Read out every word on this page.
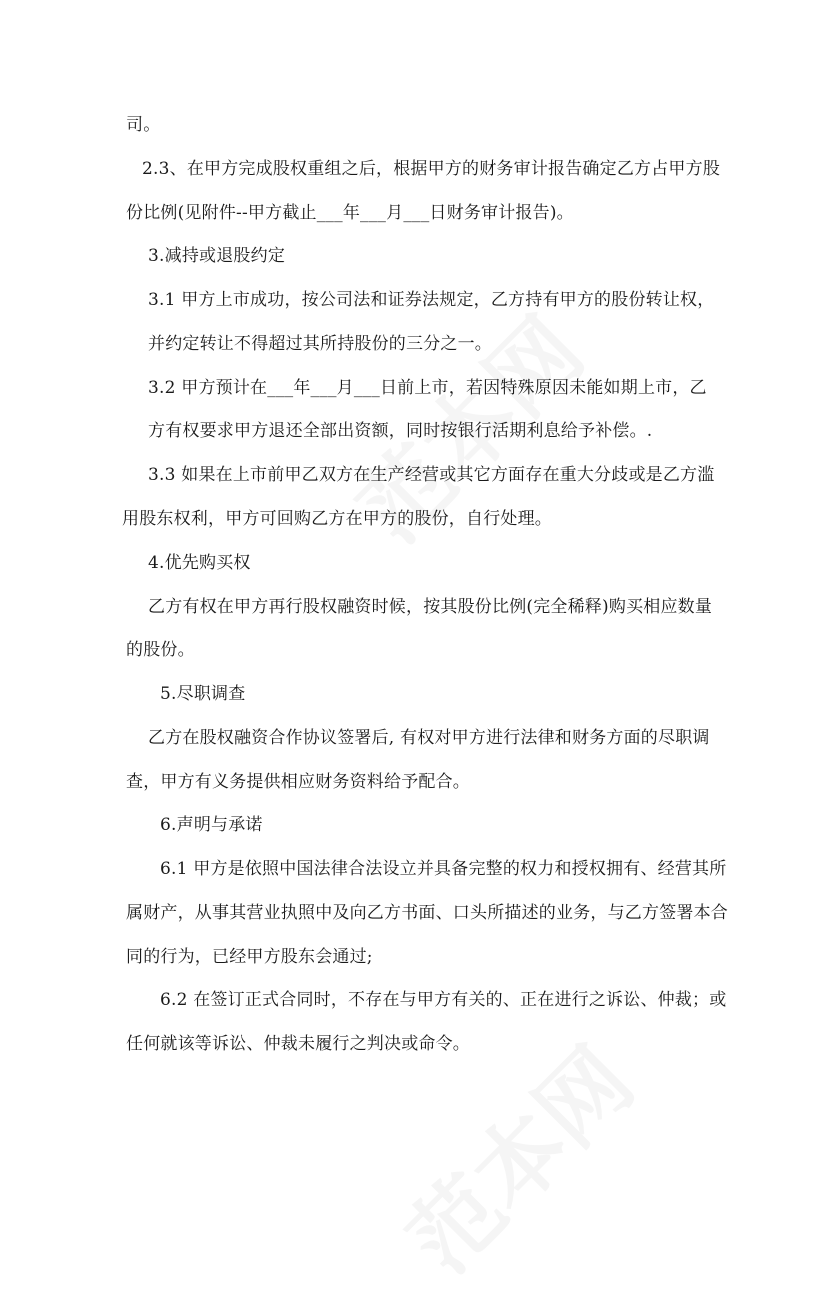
司。
2.3、在甲方完成股权重组之后，根据甲方的财务审计报告确定乙方占甲方股
份比例(见附件--甲方截止___年___月___日财务审计报告)。
3.减持或退股约定
3.1 甲方上市成功，按公司法和证券法规定，乙方持有甲方的股份转让权，
并约定转让不得超过其所持股份的三分之一。
3.2 甲方预计在___年___月___日前上市，若因特殊原因未能如期上市，乙
方有权要求甲方退还全部出资额，同时按银行活期利息给予补偿。.
3.3 如果在上市前甲乙双方在生产经营或其它方面存在重大分歧或是乙方滥
用股东权利，甲方可回购乙方在甲方的股份，自行处理。
4.优先购买权
乙方有权在甲方再行股权融资时候，按其股份比例(完全稀释)购买相应数量
的股份。
5.尽职调查
乙方在股权融资合作协议签署后, 有权对甲方进行法律和财务方面的尽职调
查，甲方有义务提供相应财务资料给予配合。
6.声明与承诺
6.1 甲方是依照中国法律合法设立并具备完整的权力和授权拥有、经营其所
属财产，从事其营业执照中及向乙方书面、口头所描述的业务，与乙方签署本合
同的行为，已经甲方股东会通过;
6.2 在签订正式合同时，不存在与甲方有关的、正在进行之诉讼、仲裁；或
任何就该等诉讼、仲裁未履行之判决或命令。
